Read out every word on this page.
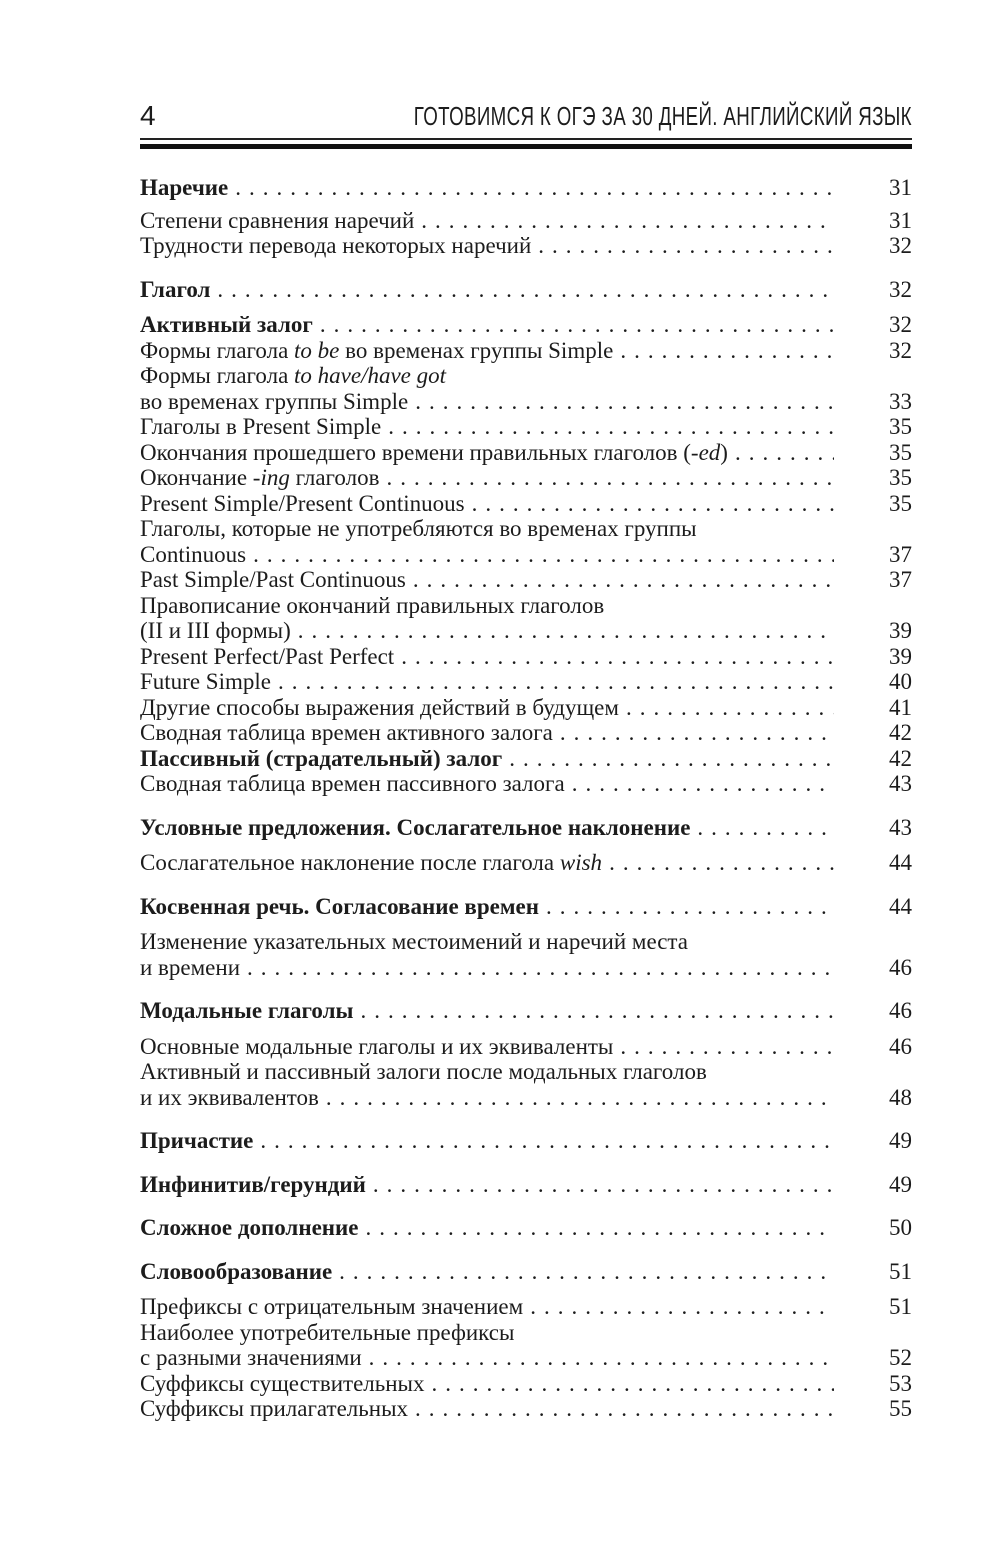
4	ГОТОВИМСЯ К ОГЭ ЗА 30 ДНЕЙ. АНГЛИЙСКИЙ ЯЗЫК
Наречие .....	31
Степени сравнения наречий .....	31
Трудности перевода некоторых наречий .....	32
Глагол .....	32
Активный залог .....	32
Формы глагола to be во временах группы Simple .....	32
Формы глагола to have/have got
во временах группы Simple .....	33
Глаголы в Present Simple .....	35
Окончания прошедшего времени правильных глаголов (-ed) .....	35
Окончание -ing глаголов .....	35
Present Simple/Present Continuous .....	35
Глаголы, которые не употребляются во временах группы
Continuous .....	37
Past Simple/Past Continuous .....	37
Правописание окончаний правильных глаголов
(II и III формы) .....	39
Present Perfect/Past Perfect .....	39
Future Simple .....	40
Другие способы выражения действий в будущем .....	41
Сводная таблица времен активного залога .....	42
Пассивный (страдательный) залог .....	42
Сводная таблица времен пассивного залога .....	43
Условные предложения. Сослагательное наклонение .....	43
Сослагательное наклонение после глагола wish .....	44
Косвенная речь. Согласование времен .....	44
Изменение указательных местоимений и наречий места
и времени .....	46
Модальные глаголы .....	46
Основные модальные глаголы и их эквиваленты .....	46
Активный и пассивный залоги после модальных глаголов
и их эквивалентов .....	48
Причастие .....	49
Инфинитив/герундий .....	49
Сложное дополнение .....	50
Словообразование .....	51
Префиксы с отрицательным значением .....	51
Наиболее употребительные префиксы
с разными значениями .....	52
Суффиксы существительных .....	53
Суффиксы прилагательных .....	55
